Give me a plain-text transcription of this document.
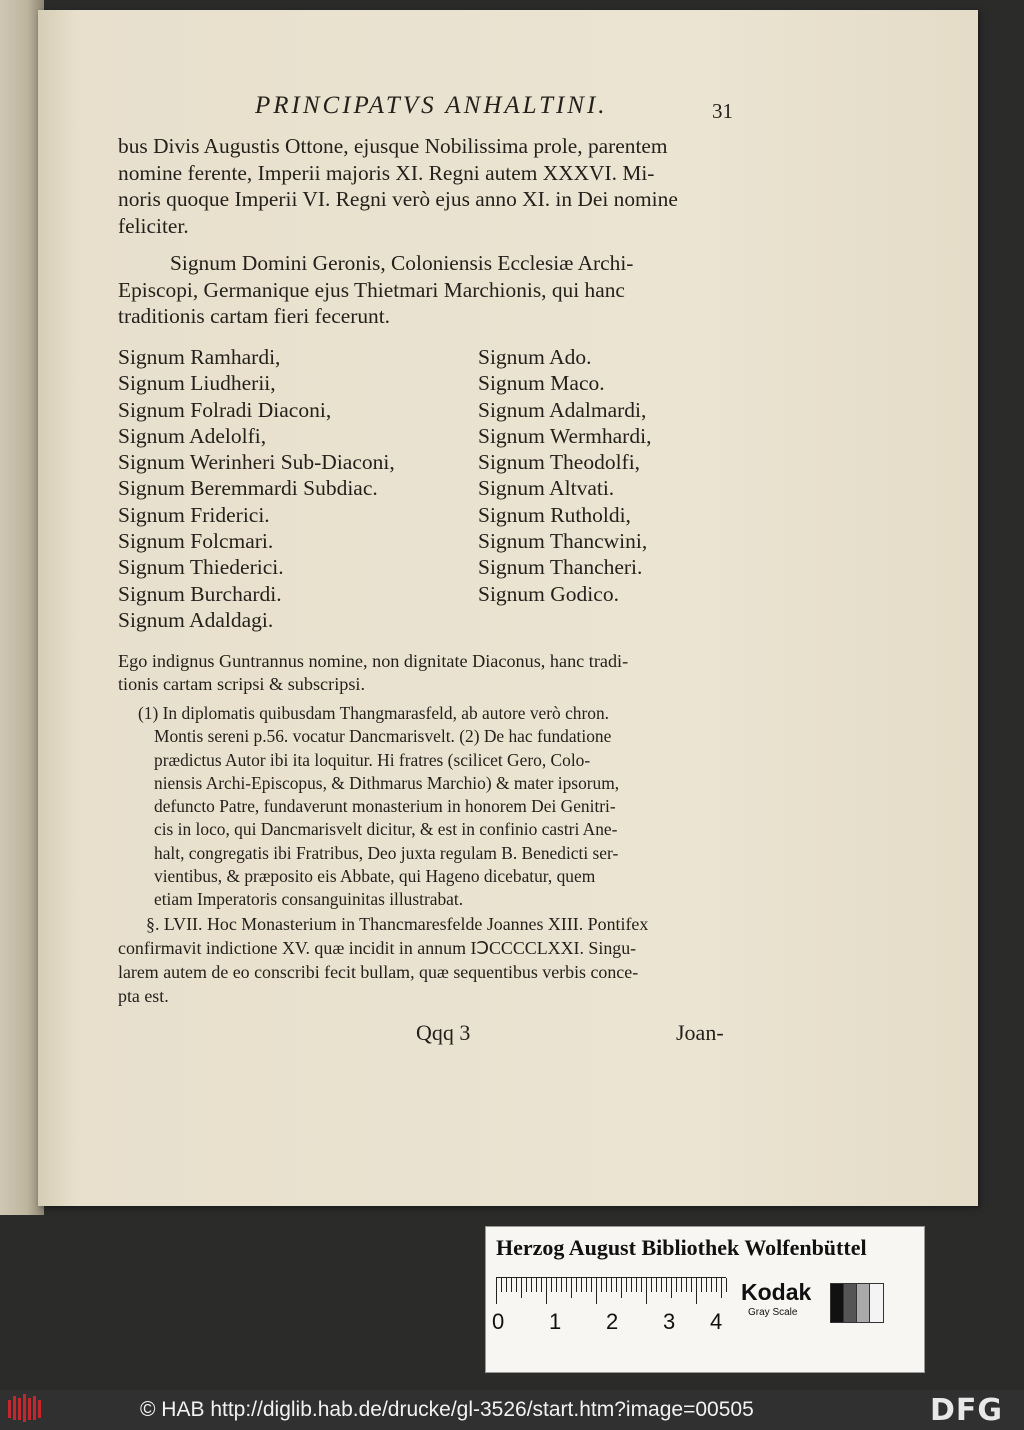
PRINCIPATVS ANHALTINI.	31
bus Divis Augustis Ottone, ejusque Nobilissima prole, parentem
nomine ferente, Imperii majoris XI. Regni autem XXXVI. Mi-
noris quoque Imperii VI. Regni verò ejus anno XI. in Dei nomine
feliciter.
Signum Domini Geronis, Coloniensis Ecclesiæ Archi-
Episcopi, Germanique ejus Thietmari Marchionis, qui hanc
traditionis cartam fieri fecerunt.
Signum Ramhardi,
Signum Liudherii,
Signum Folradi Diaconi,
Signum Adelolfi,
Signum Werinheri Sub-Diaconi,
Signum Beremmardi Subdiac.
Signum Friderici.
Signum Folcmari.
Signum Thiederici.
Signum Burchardi.
Signum Adaldagi.
Signum Ado.
Signum Maco.
Signum Adalmardi,
Signum Wermhardi,
Signum Theodolfi,
Signum Altvati.
Signum Rutholdi,
Signum Thancwini,
Signum Thancheri.
Signum Godico.
Ego indignus Guntrannus nomine, non dignitate Diaconus, hanc tradi-
tionis cartam scripsi & subscripsi.
(1) In diplomatis quibusdam Thangmarasfeld, ab autore verò chron.
Montis sereni p.56. vocatur Dancmarisvelt. (2) De hac fundatione
prædictus Autor ibi ita loquitur. Hi fratres (scilicet Gero, Colo-
niensis Archi-Episcopus, & Dithmarus Marchio) & mater ipsorum,
defuncto Patre, fundaverunt monasterium in honorem Dei Genitri-
cis in loco, qui Dancmarisvelt dicitur, & est in confinio castri Ane-
halt, congregatis ibi Fratribus, Deo juxta regulam B. Benedicti ser-
vientibus, & præposito eis Abbate, qui Hageno dicebatur, quem
etiam Imperatoris consanguinitas illustrabat.
§. LVII. Hoc Monasterium in Thancmaresfelde Joannes XIII. Pontifex
confirmavit indictione XV. quæ incidit in annum IↃCCCCLXXI. Singu-
larem autem de eo conscribi fecit bullam, quæ sequentibus verbis conce-
pta est.
Qqq 3	Joan-
Herzog August Bibliothek Wolfenbüttel
0 1 2 3 4
Kodak
Gray Scale
© HAB http://diglib.hab.de/drucke/gl-3526/start.htm?image=00505	DFG
